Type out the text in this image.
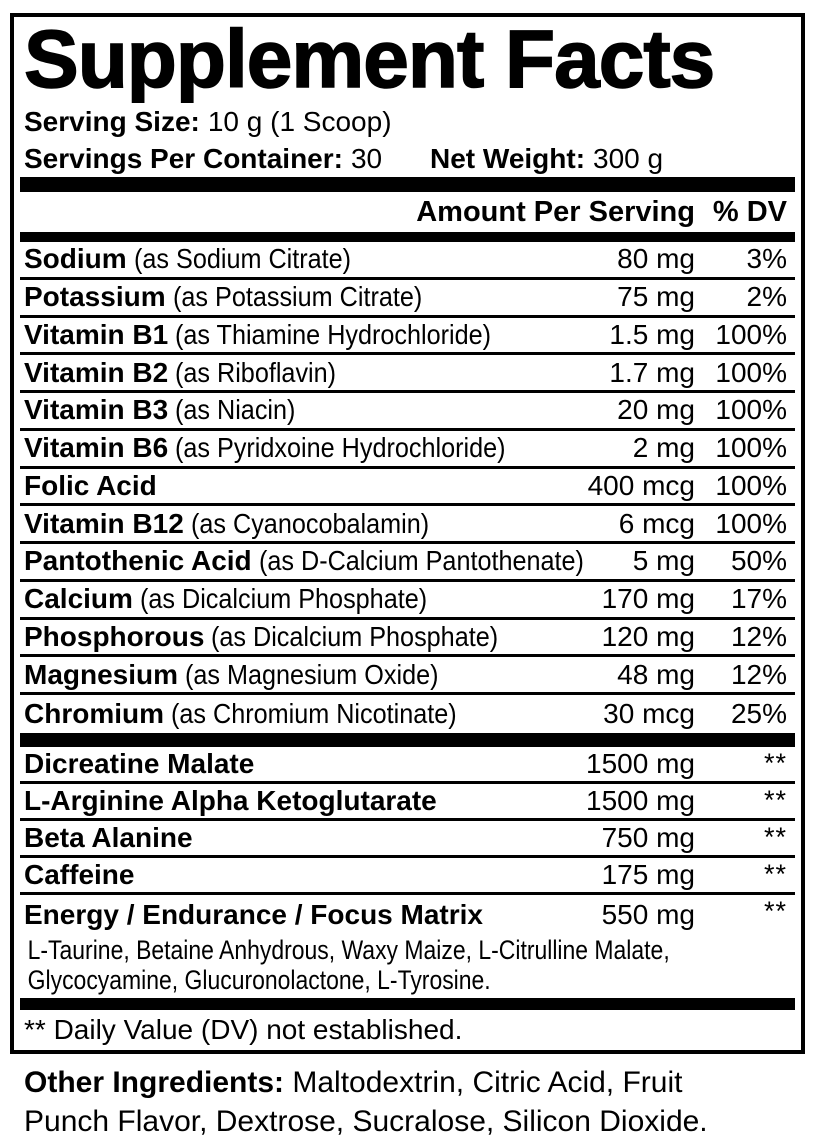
Supplement Facts
Serving Size: 10 g (1 Scoop)
Servings Per Container: 30 Net Weight: 300 g
Amount Per Serving % DV
Sodium (as Sodium Citrate)	80 mg	3%
Potassium (as Potassium Citrate)	75 mg	2%
Vitamin B1 (as Thiamine Hydrochloride)	1.5 mg 100%
Vitamin B2 (as Riboflavin)	1.7 mg 100%
Vitamin B3 (as Niacin)	20 mg 100%
Vitamin B6 (as Pyridxoine Hydrochloride)	2 mg 100%
Folic Acid	400 mcg 100%
Vitamin B12 (as Cyanocobalamin)	6 mcg 100%
Pantothenic Acid (as D-Calcium Pantothenate)	5 mg	50%
Calcium (as Dicalcium Phosphate)	170 mg	17%
Phosphorous (as Dicalcium Phosphate)	120 mg	12%
Magnesium (as Magnesium Oxide)	48 mg	12%
Chromium (as Chromium Nicotinate)	30 mcg	25%
Dicreatine Malate	1500 mg	**
L-Arginine Alpha Ketoglutarate	1500 mg	**
Beta Alanine	750 mg	**
Caffeine	175 mg	**
Energy / Endurance / Focus Matrix	550 mg	**
L-Taurine, Betaine Anhydrous, Waxy Maize, L-Citrulline Malate,
Glycocyamine, Glucuronolactone, L-Tyrosine.
** Daily Value (DV) not established.
Other Ingredients: Maltodextrin, Citric Acid, Fruit Punch Flavor, Dextrose, Sucralose, Silicon Dioxide.
